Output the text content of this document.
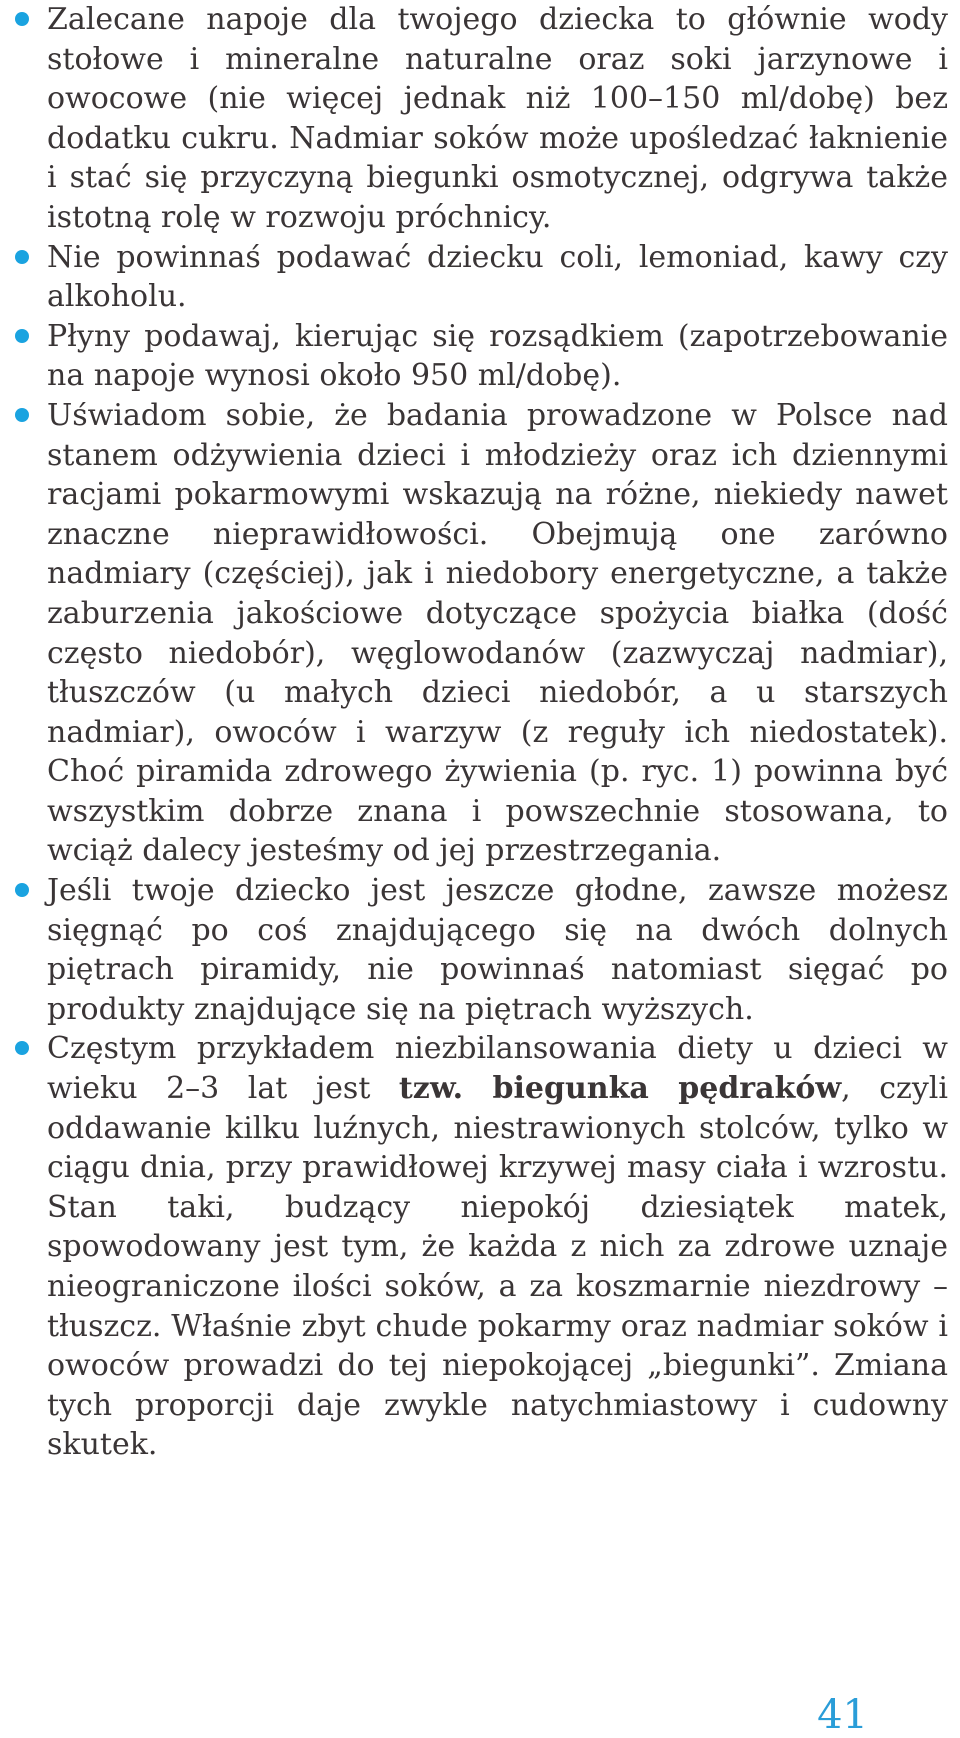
Zalecane napoje dla twojego dziecka to głównie wody stołowe i mineralne naturalne oraz soki jarzynowe i owocowe (nie więcej jednak niż 100–150 ml/dobę) bez dodatku cukru. Nadmiar soków może upośledzać łaknienie i stać się przyczyną biegunki osmotycznej, odgrywa także istotną rolę w rozwoju próchnicy.
Nie powinnaś podawać dziecku coli, lemoniad, kawy czy alkoholu.
Płyny podawaj, kierując się rozsądkiem (zapotrzebowanie na napoje wynosi około 950 ml/dobę).
Uświadom sobie, że badania prowadzone w Polsce nad stanem odżywienia dzieci i młodzieży oraz ich dziennymi racjami pokarmowymi wskazują na różne, niekiedy nawet znaczne nieprawidłowości. Obejmują one zarówno nadmiary (częściej), jak i niedobory energetyczne, a także zaburzenia jakościowe dotyczące spożycia białka (dość często niedobór), węglowodanów (zazwyczaj nadmiar), tłuszczów (u małych dzieci niedobór, a u starszych nadmiar), owoców i warzyw (z reguły ich niedostatek). Choć piramida zdrowego żywienia (p. ryc. 1) powinna być wszystkim dobrze znana i powszechnie stosowana, to wciąż dalecy jesteśmy od jej przestrzegania.
Jeśli twoje dziecko jest jeszcze głodne, zawsze możesz sięgnąć po coś znajdującego się na dwóch dolnych piętrach piramidy, nie powinnaś natomiast sięgać po produkty znajdujące się na piętrach wyższych.
Częstym przykładem niezbilansowania diety u dzieci w wieku 2–3 lat jest tzw. biegunka pędraków, czyli oddawanie kilku luźnych, niestrawionych stolców, tylko w ciągu dnia, przy prawidłowej krzywej masy ciała i wzrostu. Stan taki, budzący niepokój dziesiątek matek, spowodowany jest tym, że każda z nich za zdrowe uznaje nieograniczone ilości soków, a za koszmarnie niezdrowy – tłuszcz. Właśnie zbyt chude pokarmy oraz nadmiar soków i owoców prowadzi do tej niepokojącej „biegunki”. Zmiana tych proporcji daje zwykle natychmiastowy i cudowny skutek.
41
